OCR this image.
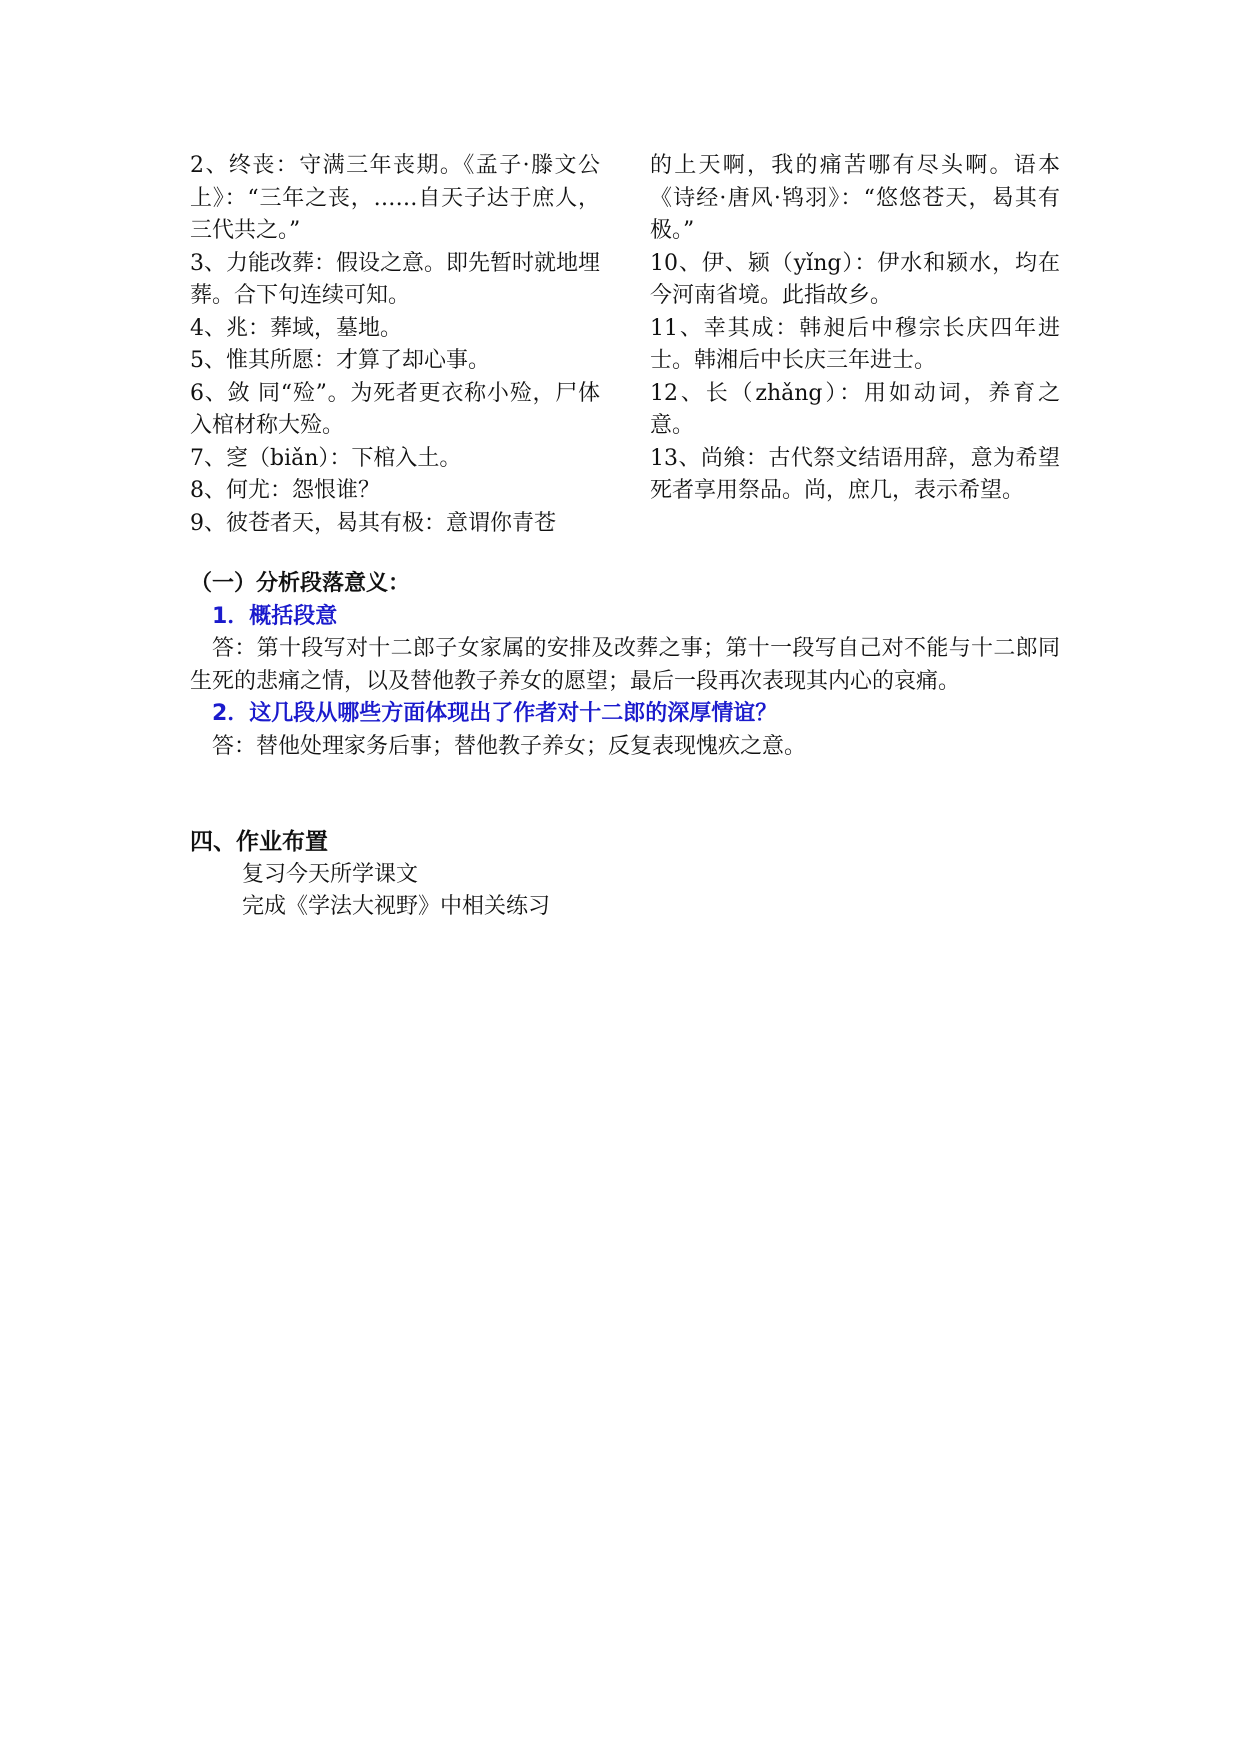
2、终丧：守满三年丧期。《孟子·滕文公上》：“三年之丧，……自天子达于庶人，三代共之。”

3、力能改葬：假设之意。即先暂时就地埋葬。合下句连续可知。

4、兆：葬域，墓地。

5、惟其所愿：才算了却心事。

6、敛 同“殓”。为死者更衣称小殓，尸体入棺材称大殓。

7、窆（biǎn）：下棺入土。

8、何尤：怨恨谁？

9、彼苍者天，曷其有极：意谓你青苍

的上天啊，我的痛苦哪有尽头啊。语本《诗经·唐风·鸨羽》：“悠悠苍天，曷其有极。”

10、伊、颍（yǐng）：伊水和颍水，均在今河南省境。此指故乡。

11、幸其成：韩昶后中穆宗长庆四年进士。韩湘后中长庆三年进士。

12、长（zhǎng）：用如动词，养育之意。

13、尚飨：古代祭文结语用辞，意为希望死者享用祭品。尚，庶几，表示希望。

（一）分析段落意义：

1．概括段意

答：第十段写对十二郎子女家属的安排及改葬之事；第十一段写自己对不能与十二郎同生死的悲痛之情，以及替他教子养女的愿望；最后一段再次表现其内心的哀痛。

2．这几段从哪些方面体现出了作者对十二郎的深厚情谊？

答：替他处理家务后事；替他教子养女；反复表现愧疚之意。

四、作业布置

复习今天所学课文

完成《学法大视野》中相关练习
